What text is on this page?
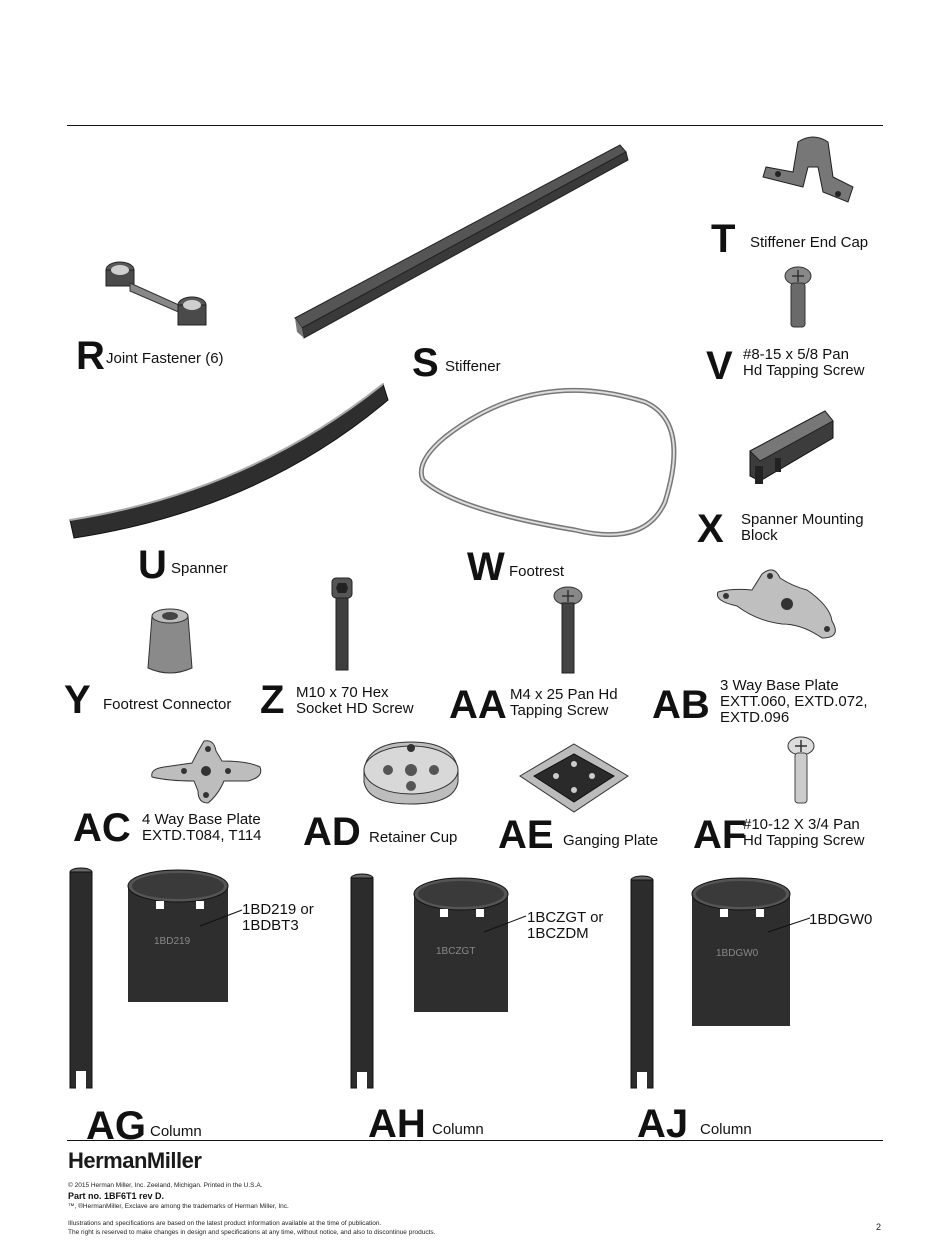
R Joint Fastener (6)	S Stiffener
T Stiffener End Cap
V #8-15 x 5/8 Pan
Hd Tapping Screw
U Spanner	W Footrest
X Spanner Mounting
Block
Y Footrest Connector Z M10 x 70 Hex
Socket HD Screw AA M4 x 25 Pan Hd
Tapping Screw AB 3 Way Base Plate
EXTT.060, EXTD.072,
EXTD.096
AC 4 Way Base Plate
EXTD.T084, T114 AD Retainer Cup AE Ganging Plate AF
#10-12 X 3/4 Pan
Hd Tapping Screw
1BD219
1BD219 or
1BDBT3
AG Column
1BCZGT
1BCZGT or
1BCZDM
AH Column
1BDGW0
1BDGW0
AJ Column
HermanMiller
© 2015 Herman Miller, Inc. Zeeland, Michigan. Printed in the U.S.A.
Part no. 1BF6T1 rev D.
™, ®HermanMiller, Exclave are among the trademarks of Herman Miller, Inc.
Illustrations and specifications are based on the latest product information available at the time of publication.
The right is reserved to make changes in design and specifications at any time, without notice, and also to discontinue products.
2
